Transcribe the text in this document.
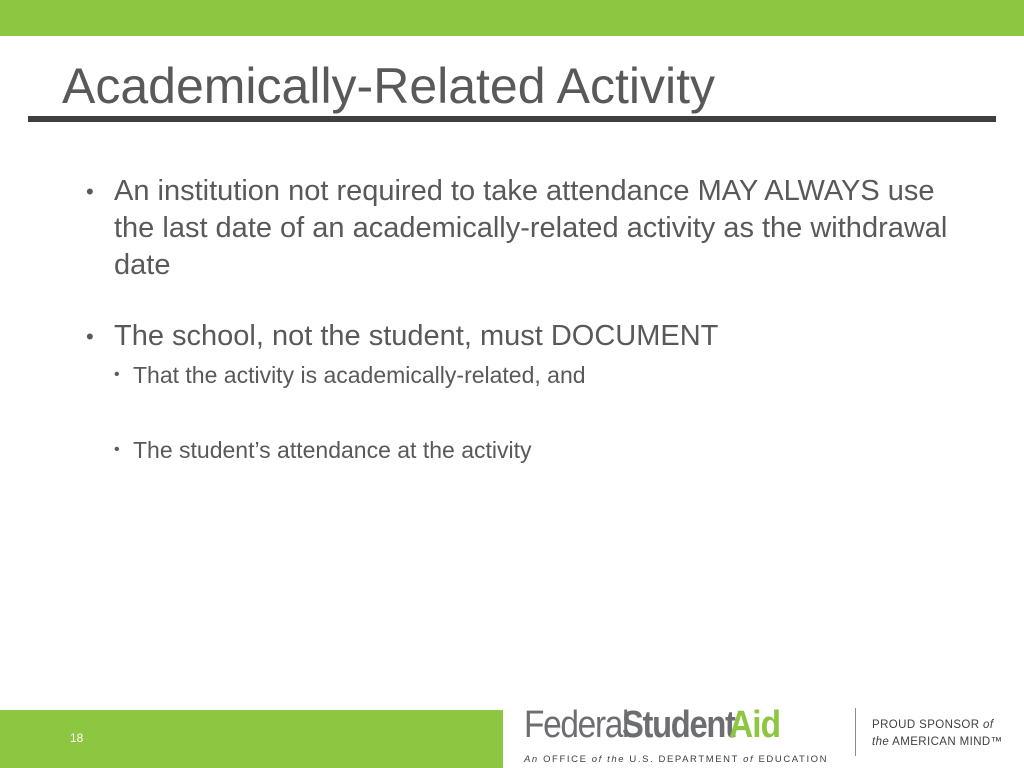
Academically-Related Activity
• An institution not required to take attendance MAY ALWAYS use the last date of an academically-related activity as the withdrawal date
• The school, not the student, must DOCUMENT
• That the activity is academically-related, and
• The student’s attendance at the activity
18	FederalStudentAid
An OFFICE of the U.S. DEPARTMENT of EDUCATION
PROUD SPONSOR of
the AMERICAN MIND™
